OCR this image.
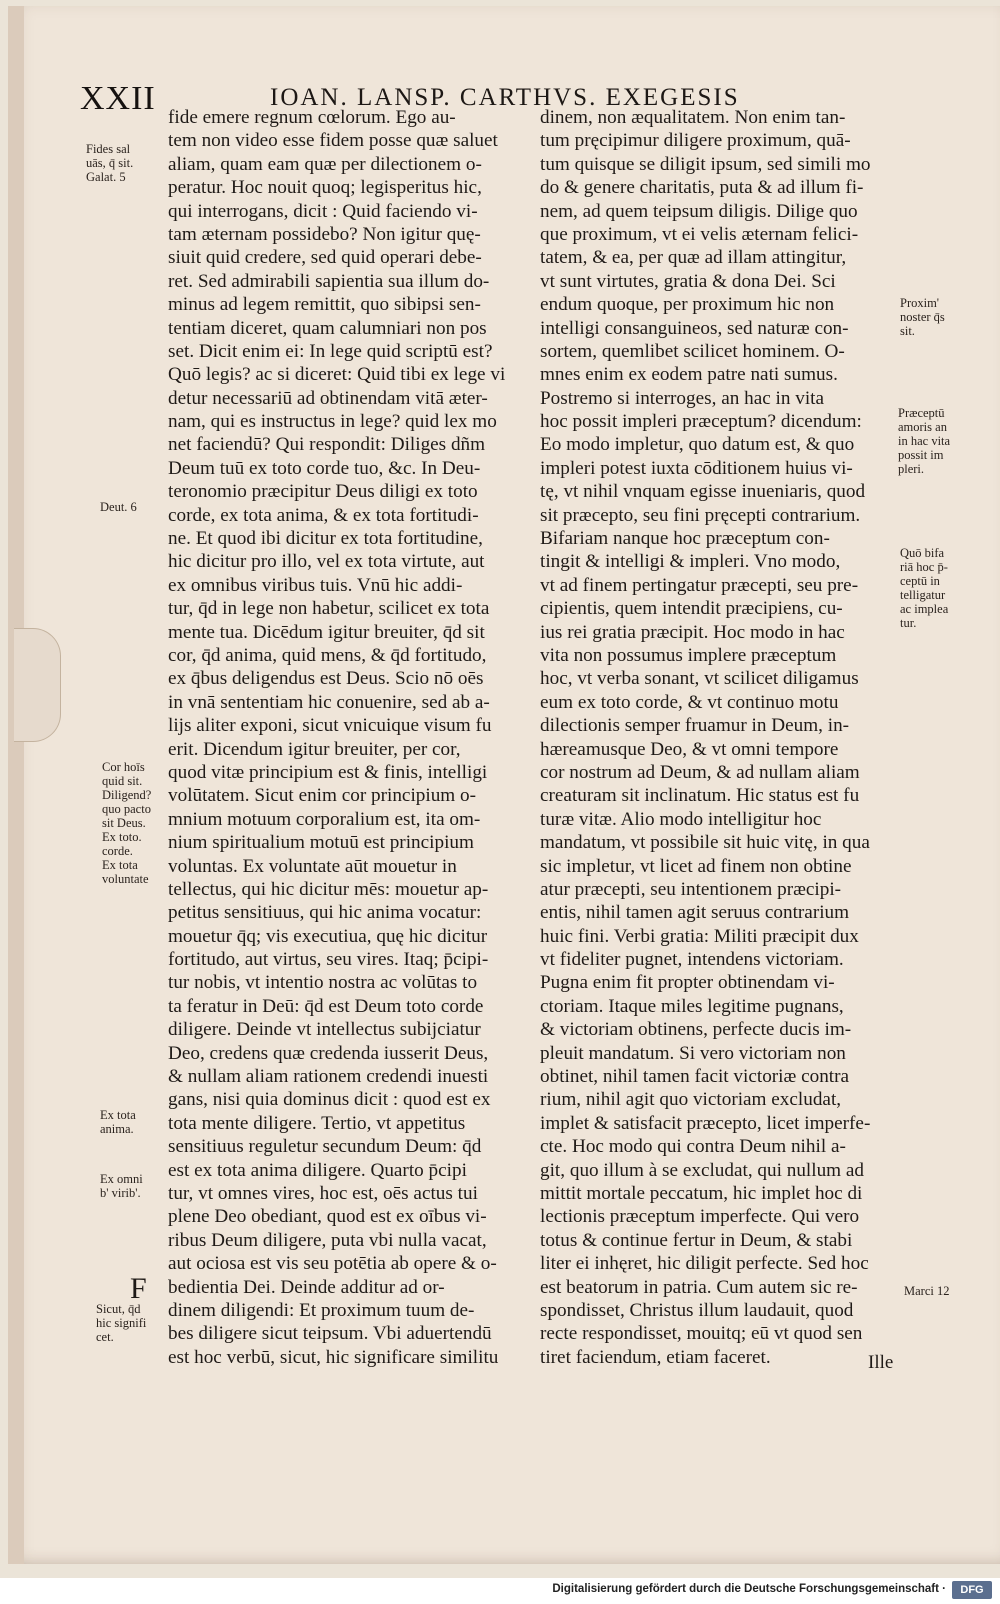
XXII	IOAN. LANSP. CARTHVS. EXEGESIS
fide emere regnum cœlorum. Ego au-
tem non video esse fidem posse quæ saluet
aliam, quam eam quæ per dilectionem o-
peratur. Hoc nouit quoq; legisperitus hic,
qui interrogans, dicit : Quid faciendo vi-
tam æternam possidebo? Non igitur quę-
siuit quid credere, sed quid operari debe-
ret. Sed admirabili sapientia sua illum do-
minus ad legem remittit, quo sibipsi sen-
tentiam diceret, quam calumniari non pos
set. Dicit enim ei: In lege quid scriptū est?
Quō legis? ac si diceret: Quid tibi ex lege vi
detur necessariū ad obtinendam vitā æter-
nam, qui es instructus in lege? quid lex mo
net faciendū? Qui respondit: Diliges dñm
Deum tuū ex toto corde tuo, &c. In Deu-
teronomio præcipitur Deus diligi ex toto
corde, ex tota anima, & ex tota fortitudi-
ne. Et quod ibi dicitur ex tota fortitudine,
hic dicitur pro illo, vel ex tota virtute, aut
ex omnibus viribus tuis. Vnū hic addi-
tur, q̄d in lege non habetur, scilicet ex tota
mente tua. Dicēdum igitur breuiter, q̄d sit
cor, q̄d anima, quid mens, & q̄d fortitudo,
ex q̄bus deligendus est Deus. Scio nō oēs
in vnā sententiam hic conuenire, sed ab a-
lijs aliter exponi, sicut vnicuique visum fu
erit. Dicendum igitur breuiter, per cor,
quod vitæ principium est & finis, intelligi
volūtatem. Sicut enim cor principium o-
mnium motuum corporalium est, ita om-
nium spiritualium motuū est principium
voluntas. Ex voluntate aūt mouetur in
tellectus, qui hic dicitur mēs: mouetur ap-
petitus sensitiuus, qui hic anima vocatur:
mouetur q̄q; vis executiua, quę hic dicitur
fortitudo, aut virtus, seu vires. Itaq; p̄cipi-
tur nobis, vt intentio nostra ac volūtas to
ta feratur in Deū: q̄d est Deum toto corde
diligere. Deinde vt intellectus subijciatur
Deo, credens quæ credenda iusserit Deus,
& nullam aliam rationem credendi inuesti
gans, nisi quia dominus dicit : quod est ex
tota mente diligere. Tertio, vt appetitus
sensitiuus reguletur secundum Deum: q̄d
est ex tota anima diligere. Quarto p̄cipi
tur, vt omnes vires, hoc est, oēs actus tui
plene Deo obediant, quod est ex oībus vi-
ribus Deum diligere, puta vbi nulla vacat,
aut ociosa est vis seu potētia ab opere & o-
bedientia Dei. Deinde additur ad or-
dinem diligendi: Et proximum tuum de-
bes diligere sicut teipsum. Vbi aduertendū
est hoc verbū, sicut, hic significare similitu
dinem, non æqualitatem. Non enim tan-
tum pręcipimur diligere proximum, quā-
tum quisque se diligit ipsum, sed simili mo
do & genere charitatis, puta & ad illum fi-
nem, ad quem teipsum diligis. Dilige quo
que proximum, vt ei velis æternam felici-
tatem, & ea, per quæ ad illam attingitur,
vt sunt virtutes, gratia & dona Dei. Sci
endum quoque, per proximum hic non
intelligi consanguineos, sed naturæ con-
sortem, quemlibet scilicet hominem. O-
mnes enim ex eodem patre nati sumus.
Postremo si interroges, an hac in vita
hoc possit impleri præceptum? dicendum:
Eo modo impletur, quo datum est, & quo
impleri potest iuxta cōditionem huius vi-
tę, vt nihil vnquam egisse inueniaris, quod
sit præcepto, seu fini pręcepti contrarium.
Bifariam nanque hoc præceptum con-
tingit & intelligi & impleri. Vno modo,
vt ad finem pertingatur præcepti, seu pre-
cipientis, quem intendit præcipiens, cu-
ius rei gratia præcipit. Hoc modo in hac
vita non possumus implere præceptum
hoc, vt verba sonant, vt scilicet diligamus
eum ex toto corde, & vt continuo motu
dilectionis semper fruamur in Deum, in-
hæreamusque Deo, & vt omni tempore
cor nostrum ad Deum, & ad nullam aliam
creaturam sit inclinatum. Hic status est fu
turæ vitæ. Alio modo intelligitur hoc
mandatum, vt possibile sit huic vitę, in qua
sic impletur, vt licet ad finem non obtine
atur præcepti, seu intentionem præcipi-
entis, nihil tamen agit seruus contrarium
huic fini. Verbi gratia: Militi præcipit dux
vt fideliter pugnet, intendens victoriam.
Pugna enim fit propter obtinendam vi-
ctoriam. Itaque miles legitime pugnans,
& victoriam obtinens, perfecte ducis im-
pleuit mandatum. Si vero victoriam non
obtinet, nihil tamen facit victoriæ contra
rium, nihil agit quo victoriam excludat,
implet & satisfacit præcepto, licet imperfe-
cte. Hoc modo qui contra Deum nihil a-
git, quo illum à se excludat, qui nullum ad
mittit mortale peccatum, hic implet hoc di
lectionis præceptum imperfecte. Qui vero
totus & continue fertur in Deum, & stabi
liter ei inhęret, hic diligit perfecte. Sed hoc
est beatorum in patria. Cum autem sic re-
spondisset, Christus illum laudauit, quod
recte respondisset, mouitq; eū vt quod sen
tiret faciendum, etiam faceret.
Fides sal
uās, q̄ sit.
Galat. 5
Deut. 6
Cor hoīs
quid sit.
Diligend?
quo pacto
sit Deus.
Ex toto.
corde.
Ex tota
voluntate
Ex tota
anima.
Ex omni
b' virib'.
Sicut, q̄d
hic signifi
cet.
Proxim'
noster q̄s
sit.
Præceptū
amoris an
in hac vita
possit im
pleri.
Quō bifa
riā hoc p̄-
ceptū in
telligatur
ac implea
tur.
Marci 12
F
Ille
Digitalisierung gefördert durch die Deutsche Forschungsgemeinschaft ·	DFG
